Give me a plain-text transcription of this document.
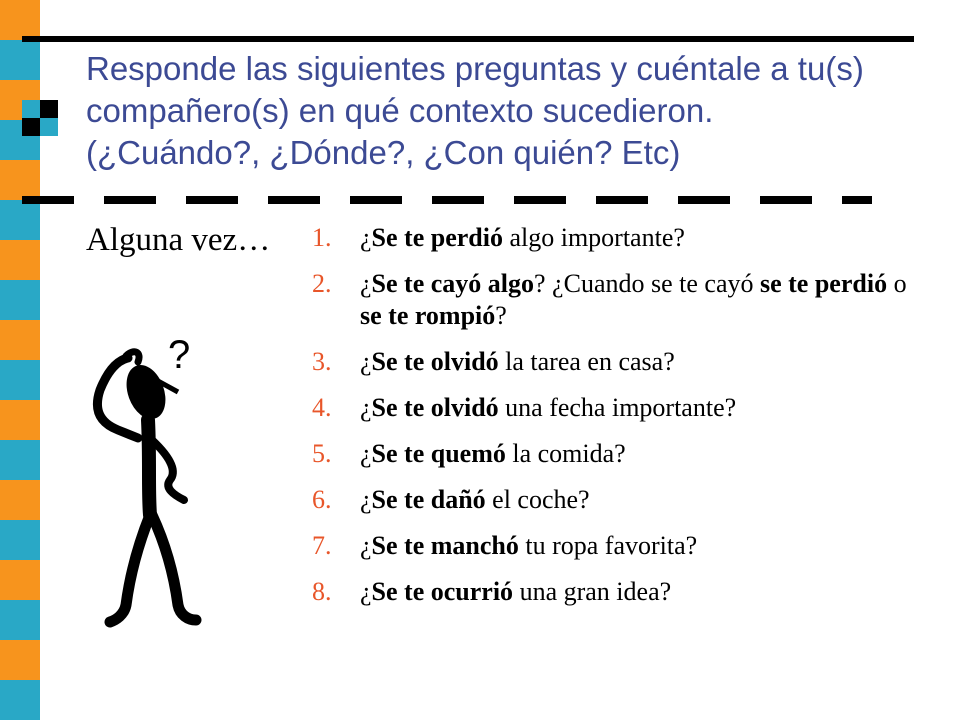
Responde las siguientes preguntas y cuéntale a tu(s)
compañero(s) en qué contexto sucedieron.
(¿Cuándo?, ¿Dónde?, ¿Con quién? Etc)
Alguna vez… 1.	¿Se te perdió algo importante?
2.	¿Se te cayó algo? ¿Cuando se te cayó se te perdió o se te rompió?
3.	¿Se te olvidó la tarea en casa?
4.	¿Se te olvidó una fecha importante?
5.	¿Se te quemó la comida?
6.	¿Se te dañó el coche?
7.	¿Se te manchó tu ropa favorita?
8.	¿Se te ocurrió una gran idea?
?
